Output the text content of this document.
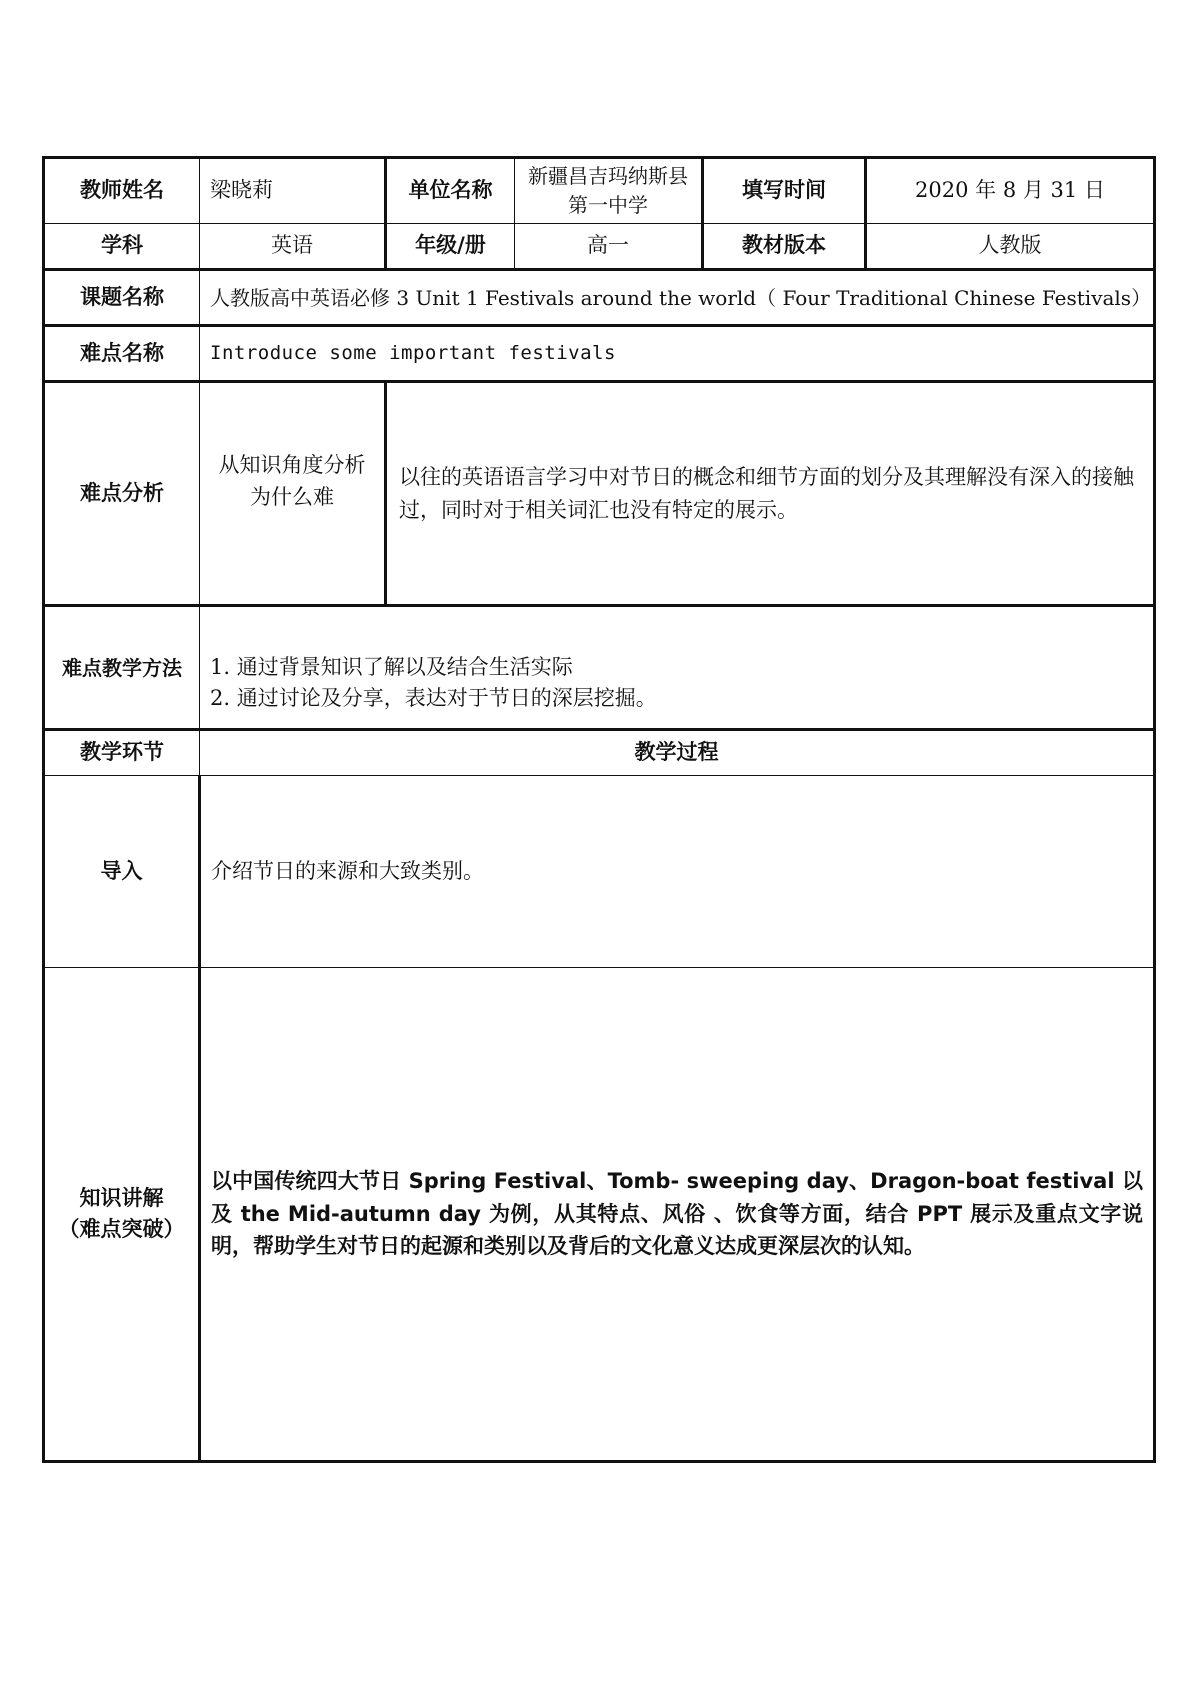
教师姓名	梁晓莉	单位名称	新疆昌吉玛纳斯县第一中学	填写时间	2020 年 8 月 31 日
学科	英语	年级/册	高一	教材版本	人教版
课题名称	人教版高中英语必修 3 Unit 1 Festivals around the world（ Four Traditional Chinese Festivals）				
难点名称	Introduce some important festivals				
难点分析	从知识角度分析为什么难	以往的英语语言学习中对节日的概念和细节方面的划分及其理解没有深入的接触过，同时对于相关词汇也没有特定的展示。			
难点教学方法	1. 通过背景知识了解以及结合生活实际
2. 通过讨论及分享，表达对于节日的深层挖掘。				

教学环节	教学过程				
导入	介绍节日的来源和大致类别。				

知识讲解
（难点突破）	以中国传统四大节日 Spring Festival、Tomb- sweeping day、Dragon-boat festival 以及 the Mid-autumn day 为例，从其特点、风俗 、饮食等方面，结合 PPT 展示及重点文字说明，帮助学生对节日的起源和类别以及背后的文化意义达成更深层次的认知。				
